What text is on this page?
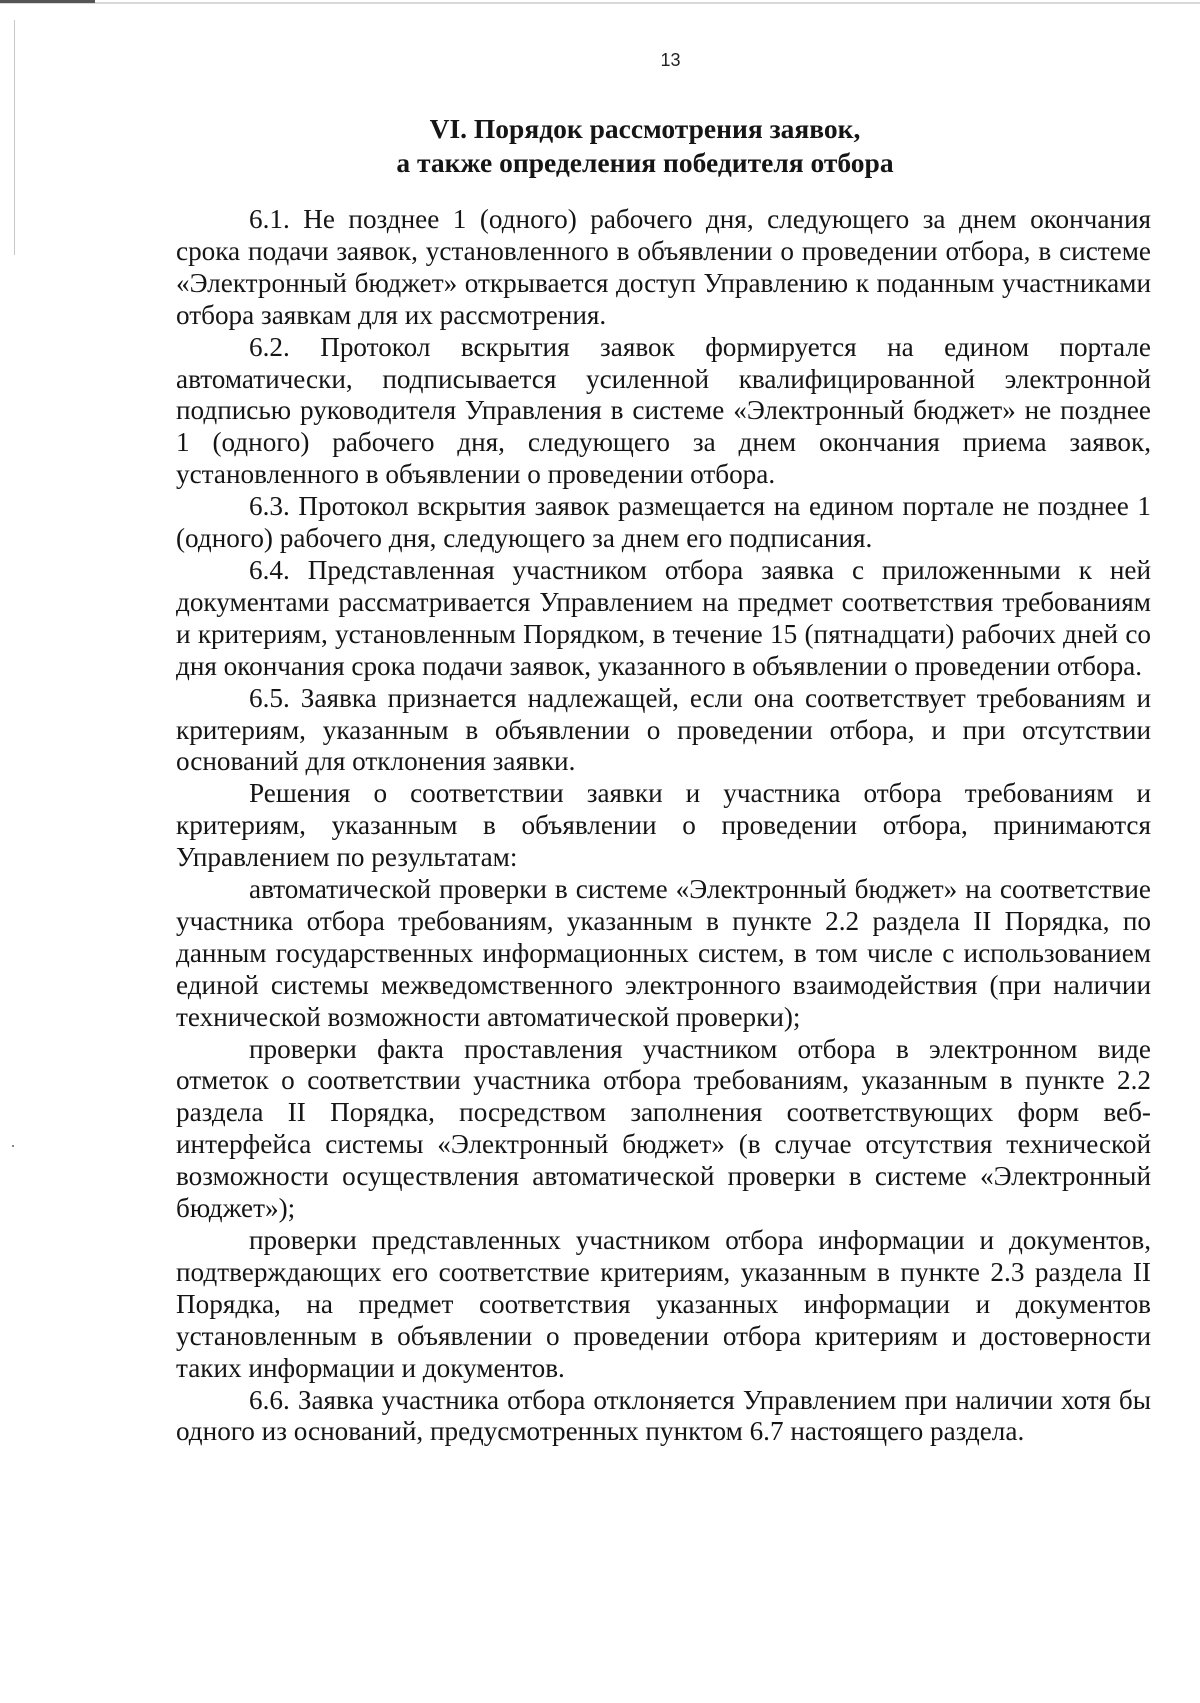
13
VI. Порядок рассмотрения заявок,
а также определения победителя отбора

6.1. Не позднее 1 (одного) рабочего дня, следующего за днем окончания срока подачи заявок, установленного в объявлении о проведении отбора, в системе «Электронный бюджет» открывается доступ Управлению к поданным участниками отбора заявкам для их рассмотрения.

6.2. Протокол вскрытия заявок формируется на едином портале автоматически, подписывается усиленной квалифицированной электронной подписью руководителя Управления в системе «Электронный бюджет» не позднее 1 (одного) рабочего дня, следующего за днем окончания приема заявок, установленного в объявлении о проведении отбора.

6.3. Протокол вскрытия заявок размещается на едином портале не позднее 1 (одного) рабочего дня, следующего за днем его подписания.

6.4. Представленная участником отбора заявка с приложенными к ней документами рассматривается Управлением на предмет соответствия требованиям и критериям, установленным Порядком, в течение 15 (пятнадцати) рабочих дней со дня окончания срока подачи заявок, указанного в объявлении о проведении отбора.

6.5. Заявка признается надлежащей, если она соответствует требованиям и критериям, указанным в объявлении о проведении отбора, и при отсутствии оснований для отклонения заявки.

Решения о соответствии заявки и участника отбора требованиям и критериям, указанным в объявлении о проведении отбора, принимаются Управлением по результатам:

автоматической проверки в системе «Электронный бюджет» на соответствие участника отбора требованиям, указанным в пункте 2.2 раздела II Порядка, по данным государственных информационных систем, в том числе с использованием единой системы межведомственного электронного взаимодействия (при наличии технической возможности автоматической проверки);

проверки факта проставления участником отбора в электронном виде отметок о соответствии участника отбора требованиям, указанным в пункте 2.2 раздела II Порядка, посредством заполнения соответствующих форм веб-интерфейса системы «Электронный бюджет» (в случае отсутствия технической возможности осуществления автоматической проверки в системе «Электронный бюджет»);

проверки представленных участником отбора информации и документов, подтверждающих его соответствие критериям, указанным в пункте 2.3 раздела II Порядка, на предмет соответствия указанных информации и документов установленным в объявлении о проведении отбора критериям и достоверности таких информации и документов.

6.6. Заявка участника отбора отклоняется Управлением при наличии хотя бы одного из оснований, предусмотренных пунктом 6.7 настоящего раздела.
